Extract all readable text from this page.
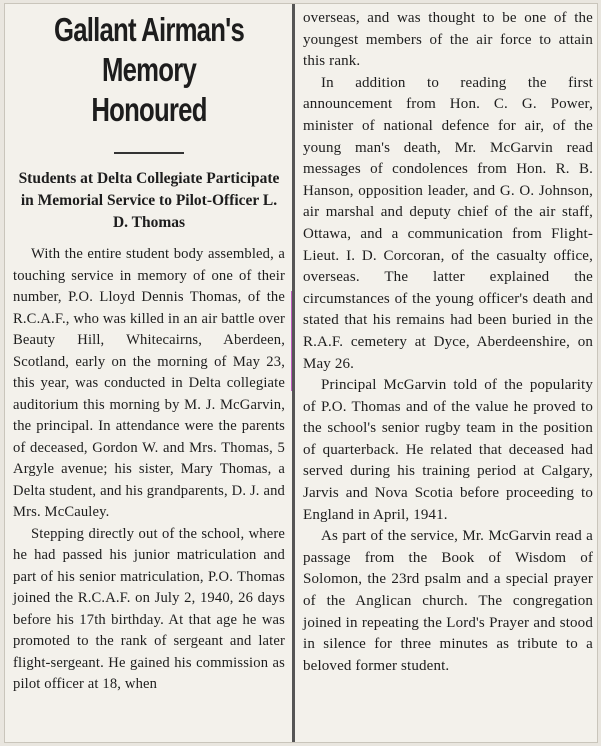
Gallant Airman's Memory Honoured
Students at Delta Collegiate Participate in Memorial Service to Pilot-Officer L. D. Thomas

With the entire student body assembled, a touching service in memory of one of their number, P.O. Lloyd Dennis Thomas, of the R.C.A.F., who was killed in an air battle over Beauty Hill, Whitecairns, Aberdeen, Scotland, early on the morning of May 23, this year, was conducted in Delta collegiate auditorium this morning by M. J. McGarvin, the principal. In attendance were the parents of deceased, Gordon W. and Mrs. Thomas, 5 Argyle avenue; his sister, Mary Thomas, a Delta student, and his grandparents, D. J. and Mrs. McCauley.

Stepping directly out of the school, where he had passed his junior matriculation and part of his senior matriculation, P.O. Thomas joined the R.C.A.F. on July 2, 1940, 26 days before his 17th birthday. At that age he was promoted to the rank of sergeant and later flight-sergeant. He gained his commission as pilot officer at 18, when

overseas, and was thought to be one of the youngest members of the air force to attain this rank.

In addition to reading the first announcement from Hon. C. G. Power, minister of national defence for air, of the young man's death, Mr. McGarvin read messages of condolences from Hon. R. B. Hanson, opposition leader, and G. O. Johnson, air marshal and deputy chief of the air staff, Ottawa, and a communication from Flight-Lieut. I. D. Corcoran, of the casualty office, overseas. The latter explained the circumstances of the young officer's death and stated that his remains had been buried in the R.A.F. cemetery at Dyce, Aberdeenshire, on May 26.

Principal McGarvin told of the popularity of P.O. Thomas and of the value he proved to the school's senior rugby team in the position of quarterback. He related that deceased had served during his training period at Calgary, Jarvis and Nova Scotia before proceeding to England in April, 1941.

As part of the service, Mr. McGarvin read a passage from the Book of Wisdom of Solomon, the 23rd psalm and a special prayer of the Anglican church. The congregation joined in repeating the Lord's Prayer and stood in silence for three minutes as tribute to a beloved former student.
